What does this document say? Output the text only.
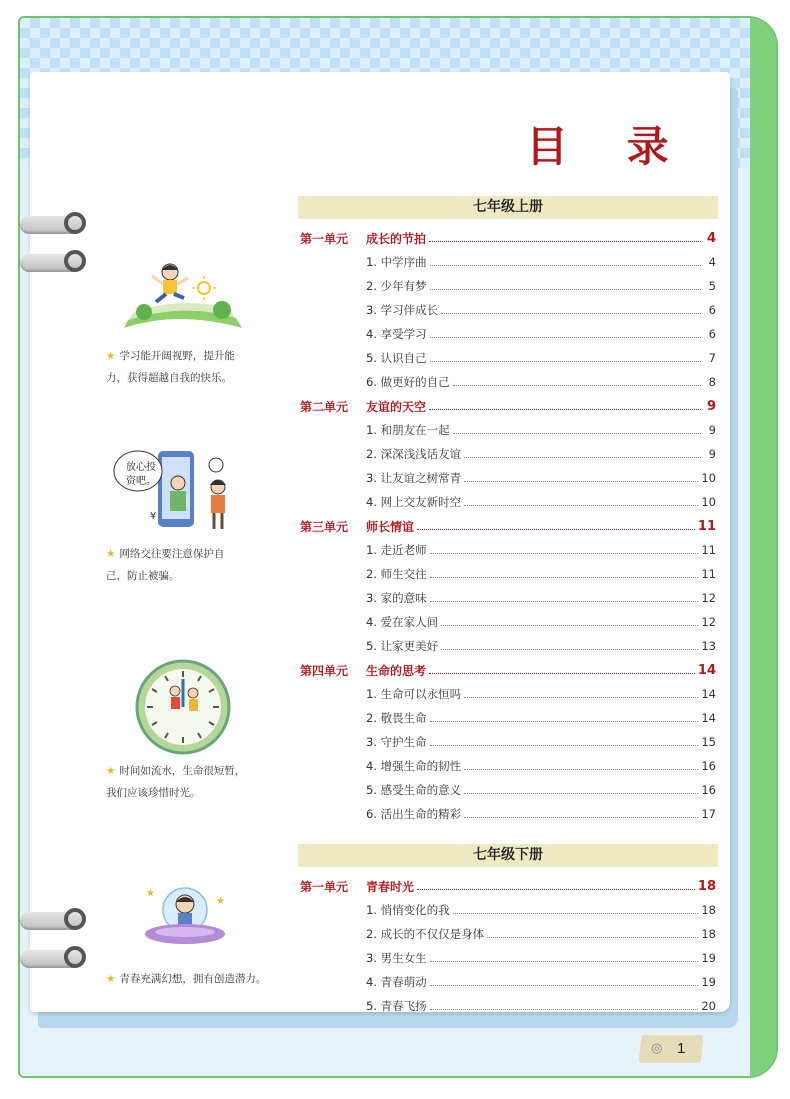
目 录
七年级上册
第一单元	成长的节拍	4
1. 中学序曲	4
2. 少年有梦	5
3. 学习伴成长	6
4. 享受学习	6
5. 认识自己	7
6. 做更好的自己	8
第二单元	友谊的天空	9
1. 和朋友在一起	9
2. 深深浅浅话友谊	9
3. 让友谊之树常青	10
4. 网上交友新时空	10
第三单元	师长情谊	11
1. 走近老师	11
2. 师生交往	11
3. 家的意味	12
4. 爱在家人间	12
5. 让家更美好	13
第四单元	生命的思考	14
1. 生命可以永恒吗	14
2. 敬畏生命	14
3. 守护生命	15
4. 增强生命的韧性	16
5. 感受生命的意义	16
6. 活出生命的精彩	17
七年级下册
第一单元	青春时光	18
1. 悄悄变化的我	18
2. 成长的不仅仅是身体	18
3. 男生女生	19
4. 青春萌动	19
5. 青春飞扬	20
放心投
资吧。
¥
★
★
★ 学习能开阔视野，提升能
力，获得超越自我的快乐。
★ 网络交往要注意保护自
己，防止被骗。
★ 时间如流水，生命很短暂，
我们应该珍惜时光。
★ 青春充满幻想，拥有创造潜力。
◎ 1
